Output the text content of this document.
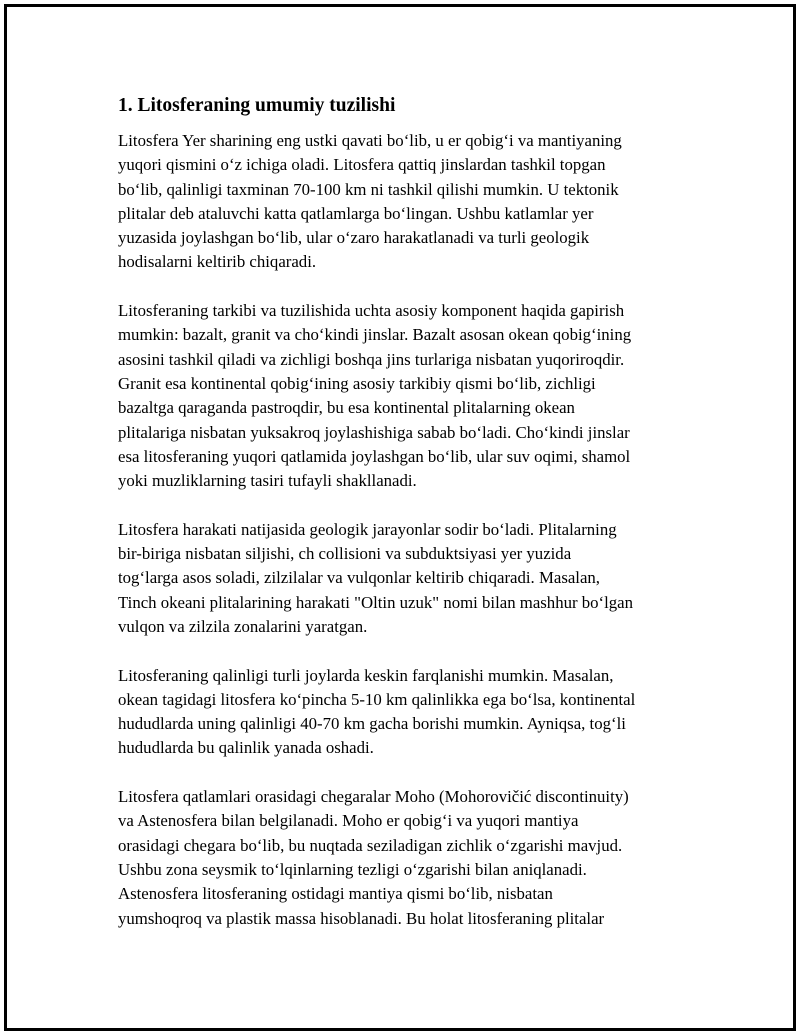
1. Litosferaning umumiy tuzilishi
Litosfera Yer sharining eng ustki qavati bo‘lib, u er qobig‘i va mantiyaning
yuqori qismini o‘z ichiga oladi. Litosfera qattiq jinslardan tashkil topgan
bo‘lib, qalinligi taxminan 70-100 km ni tashkil qilishi mumkin. U tektonik
plitalar deb ataluvchi katta qatlamlarga bo‘lingan. Ushbu katlamlar yer
yuzasida joylashgan bo‘lib, ular o‘zaro harakatlanadi va turli geologik
hodisalarni keltirib chiqaradi.
Litosferaning tarkibi va tuzilishida uchta asosiy komponent haqida gapirish
mumkin: bazalt, granit va cho‘kindi jinslar. Bazalt asosan okean qobig‘ining
asosini tashkil qiladi va zichligi boshqa jins turlariga nisbatan yuqoriroqdir.
Granit esa kontinental qobig‘ining asosiy tarkibiy qismi bo‘lib, zichligi
bazaltga qaraganda pastroqdir, bu esa kontinental plitalarning okean
plitalariga nisbatan yuksakroq joylashishiga sabab bo‘ladi. Cho‘kindi jinslar
esa litosferaning yuqori qatlamida joylashgan bo‘lib, ular suv oqimi, shamol
yoki muzliklarning tasiri tufayli shakllanadi.
Litosfera harakati natijasida geologik jarayonlar sodir bo‘ladi. Plitalarning
bir-biriga nisbatan siljishi, ch collisioni va subduktsiyasi yer yuzida
tog‘larga asos soladi, zilzilalar va vulqonlar keltirib chiqaradi. Masalan,
Tinch okeani plitalarining harakati "Oltin uzuk" nomi bilan mashhur bo‘lgan
vulqon va zilzila zonalarini yaratgan.
Litosferaning qalinligi turli joylarda keskin farqlanishi mumkin. Masalan,
okean tagidagi litosfera ko‘pincha 5-10 km qalinlikka ega bo‘lsa, kontinental
hududlarda uning qalinligi 40-70 km gacha borishi mumkin. Ayniqsa, tog‘li
hududlarda bu qalinlik yanada oshadi.
Litosfera qatlamlari orasidagi chegaralar Moho (Mohorovičić discontinuity)
va Astenosfera bilan belgilanadi. Moho er qobig‘i va yuqori mantiya
orasidagi chegara bo‘lib, bu nuqtada seziladigan zichlik o‘zgarishi mavjud.
Ushbu zona seysmik to‘lqinlarning tezligi o‘zgarishi bilan aniqlanadi.
Astenosfera litosferaning ostidagi mantiya qismi bo‘lib, nisbatan
yumshoqroq va plastik massa hisoblanadi. Bu holat litosferaning plitalar
